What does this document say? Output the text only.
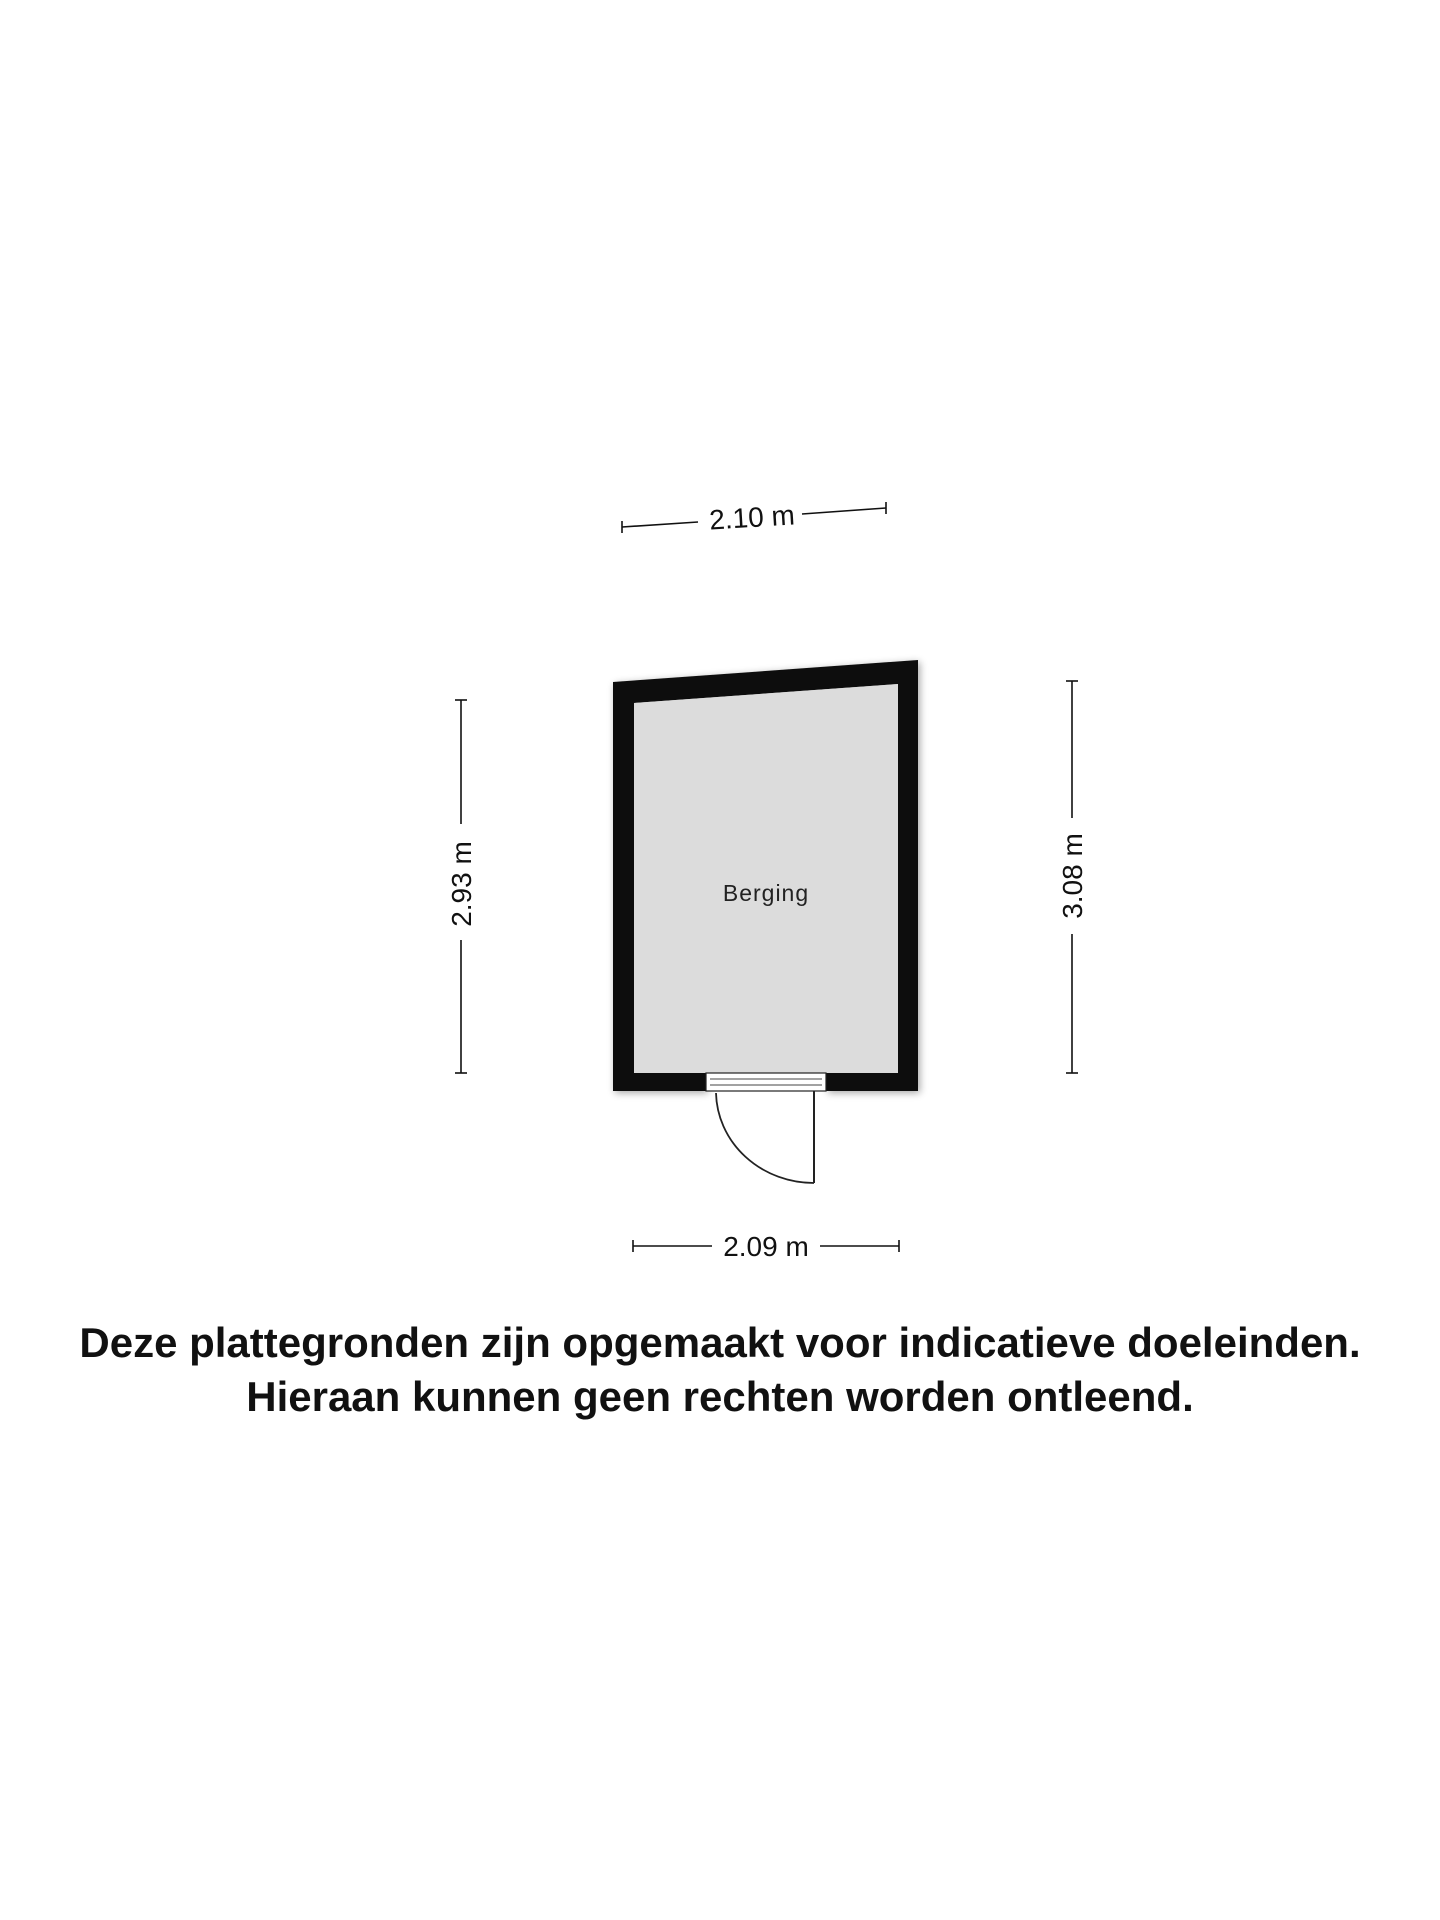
2.10 m
2.93 m	3.08 m
2.09 m
Berging
Deze plattegronden zijn opgemaakt voor indicatieve doeleinden.
Hieraan kunnen geen rechten worden ontleend.
